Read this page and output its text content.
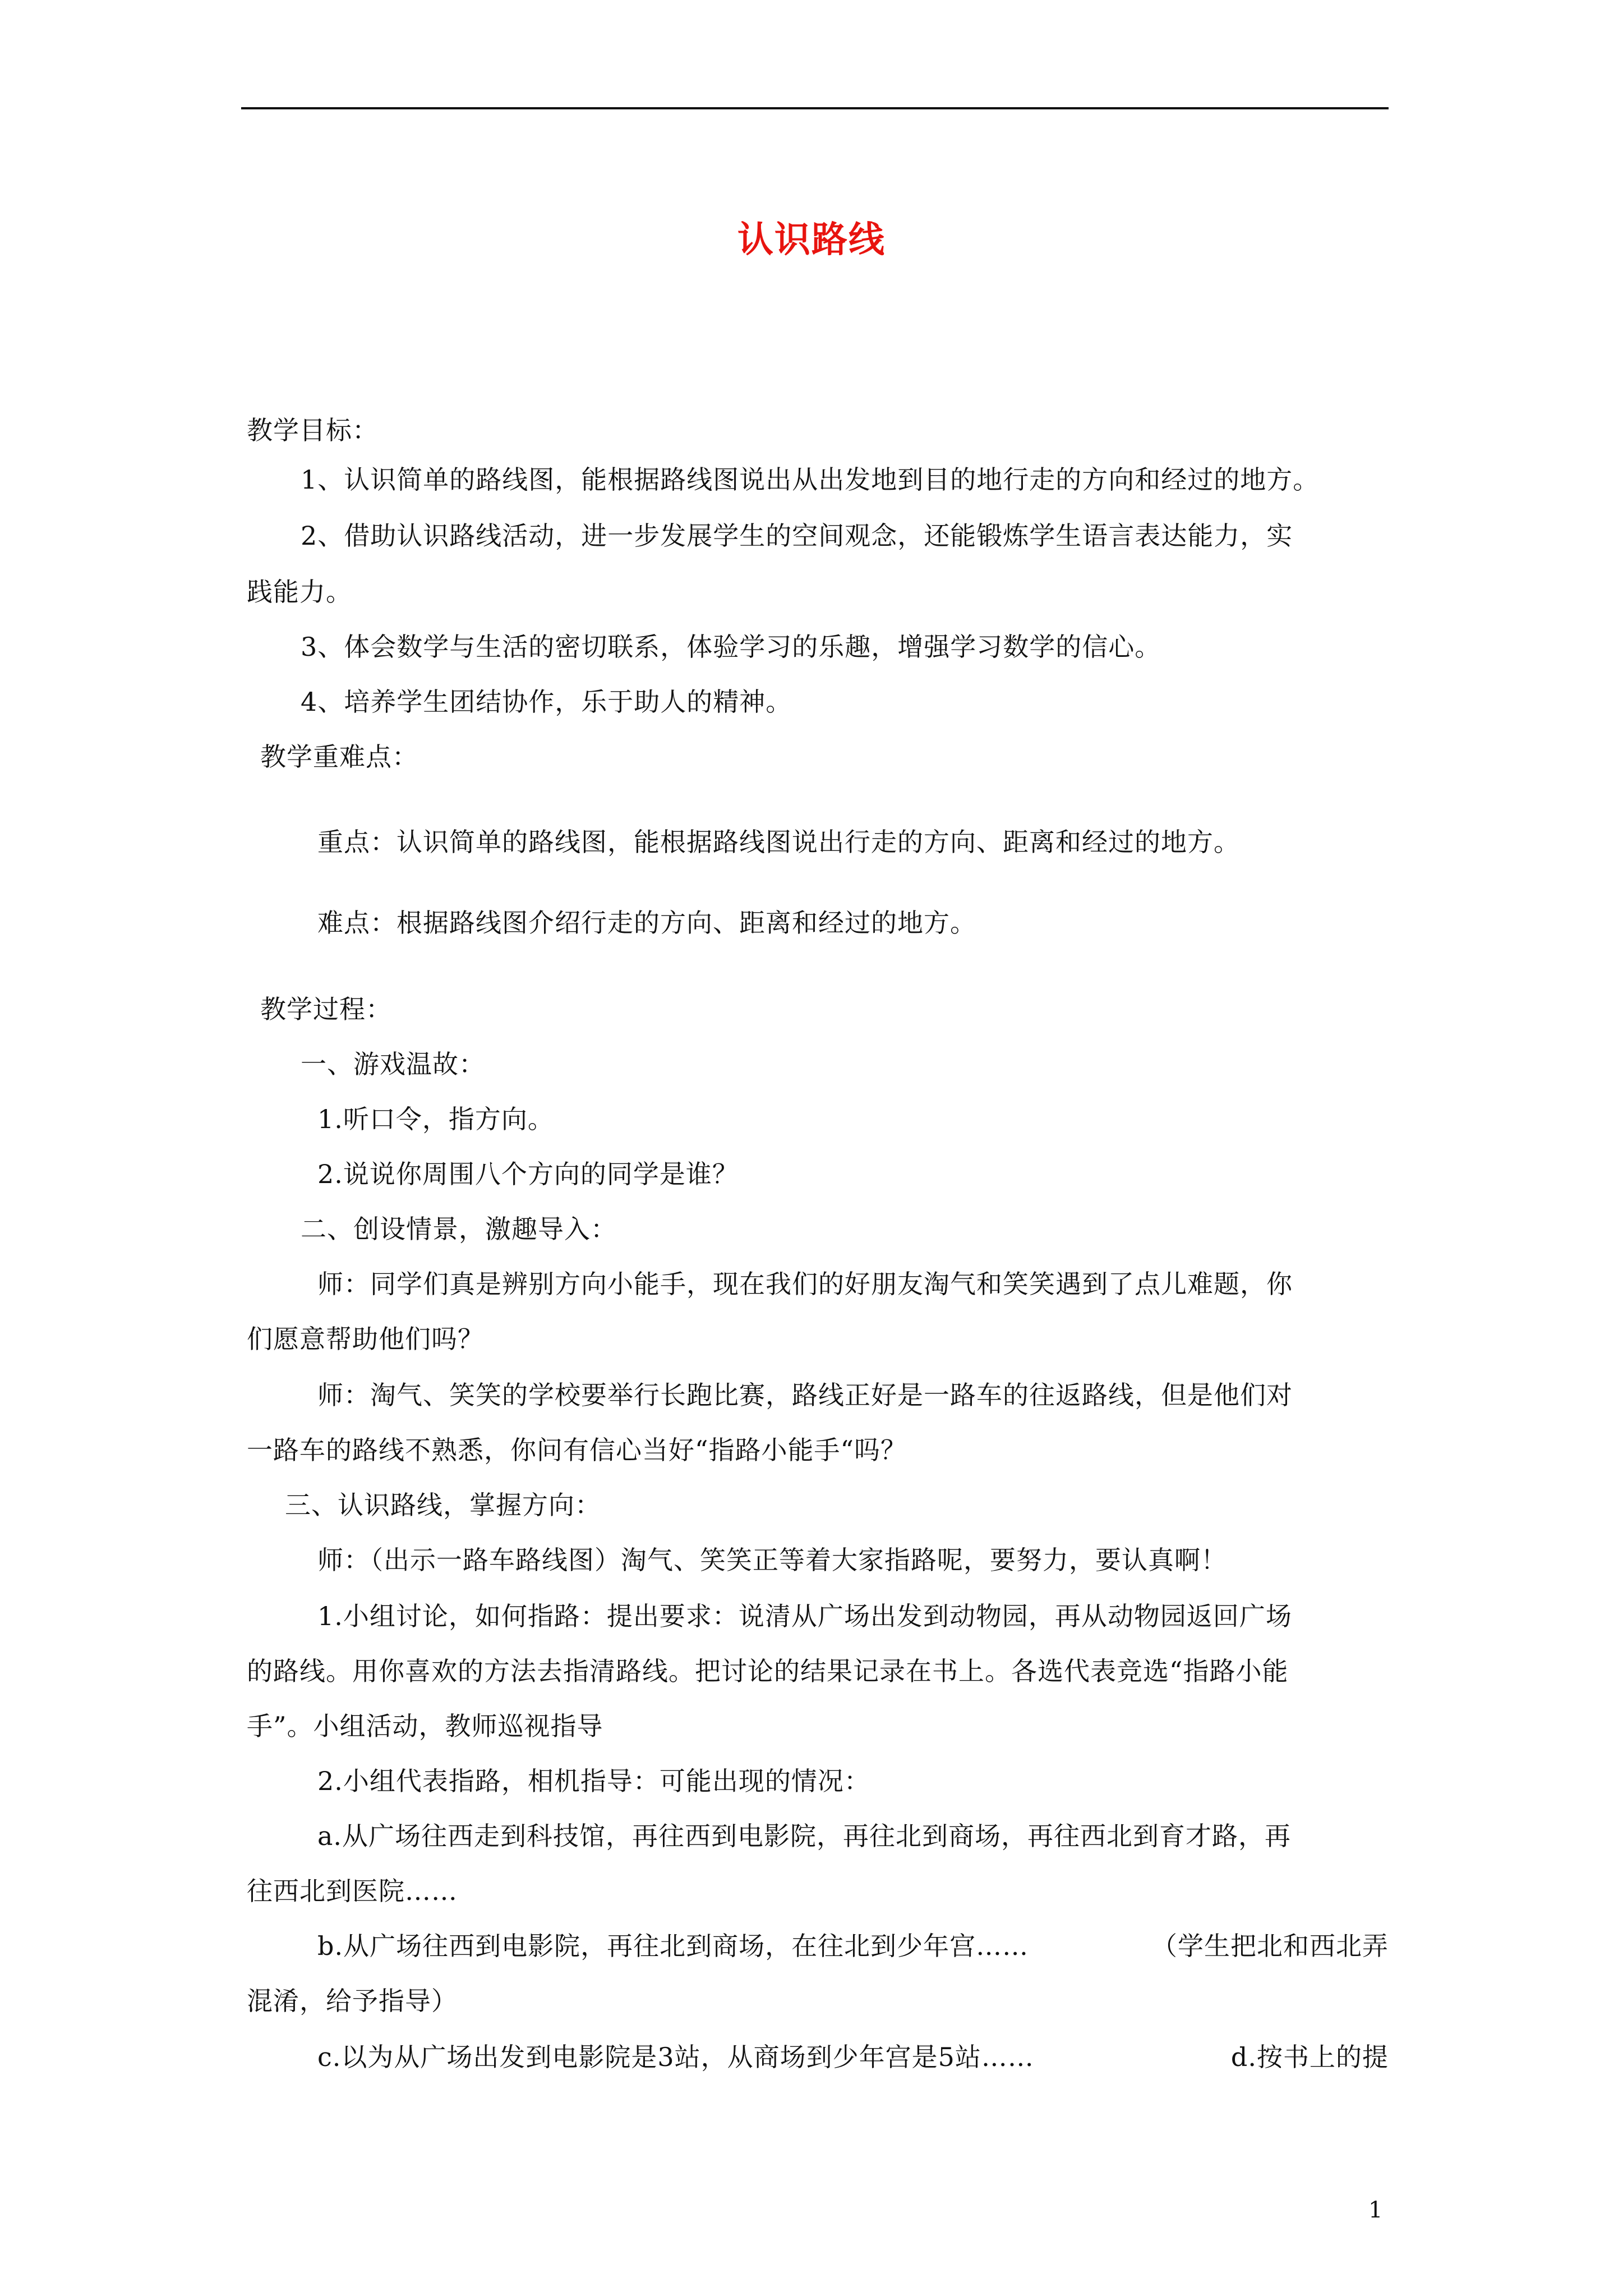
认识路线
教学目标：
1、认识简单的路线图，能根据路线图说出从出发地到目的地行走的方向和经过的地方。
2、借助认识路线活动，进一步发展学生的空间观念，还能锻炼学生语言表达能力，实
践能力。
3、体会数学与生活的密切联系，体验学习的乐趣，增强学习数学的信心。
4、培养学生团结协作，乐于助人的精神。
教学重难点：
重点：认识简单的路线图，能根据路线图说出行走的方向、距离和经过的地方。
难点：根据路线图介绍行走的方向、距离和经过的地方。
教学过程：
一、游戏温故：
1.听口令，指方向。
2.说说你周围八个方向的同学是谁？
二、创设情景，激趣导入：
师：同学们真是辨别方向小能手，现在我们的好朋友淘气和笑笑遇到了点儿难题，你
们愿意帮助他们吗？
师：淘气、笑笑的学校要举行长跑比赛，路线正好是一路车的往返路线，但是他们对
一路车的路线不熟悉，你问有信心当好“指路小能手“吗？
三、认识路线，掌握方向：
师：（出示一路车路线图）淘气、笑笑正等着大家指路呢，要努力，要认真啊！
1.小组讨论，如何指路：提出要求：说清从广场出发到动物园，再从动物园返回广场
的路线。用你喜欢的方法去指清路线。把讨论的结果记录在书上。各选代表竞选“指路小能
手”。小组活动，教师巡视指导
2.小组代表指路，相机指导：可能出现的情况：
a.从广场往西走到科技馆，再往西到电影院，再往北到商场，再往西北到育才路，再
往西北到医院……
b.从广场往西到电影院，再往北到商场，在往北到少年宫……	（学生把北和西北弄
混淆，给予指导）
c.以为从广场出发到电影院是3站，从商场到少年宫是5站……	d.按书上的提
1
